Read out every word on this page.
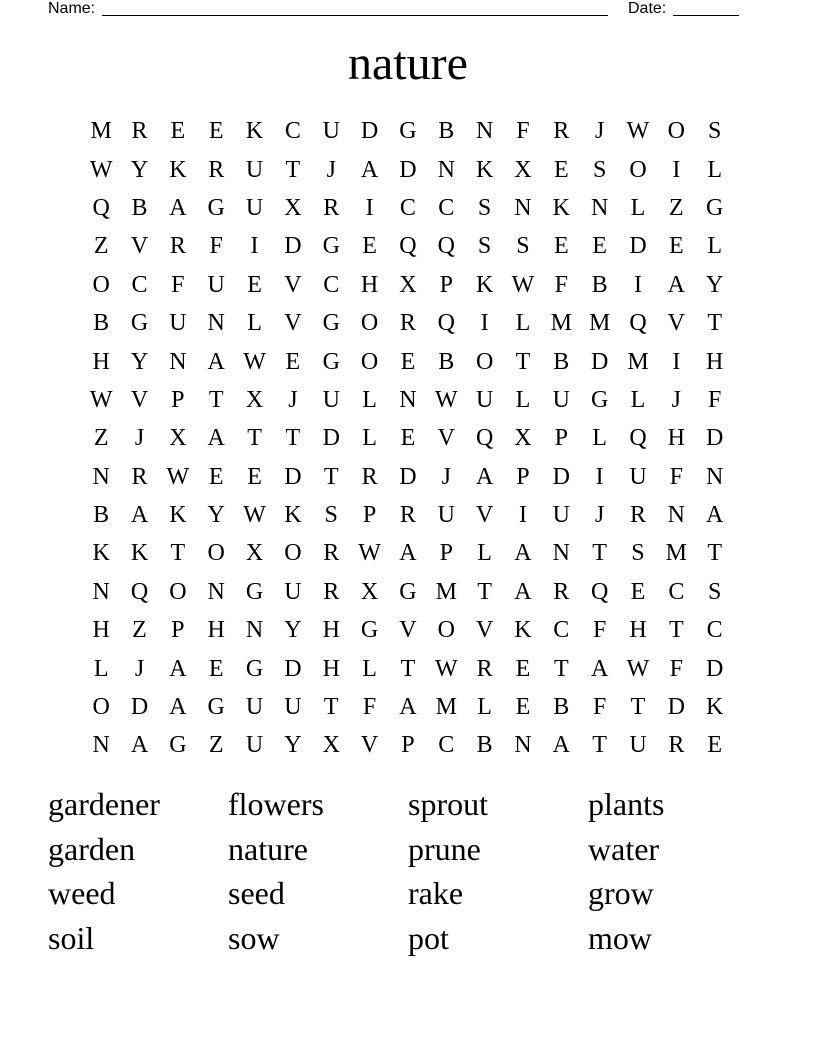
Name:	Date:
nature
M R E E K C U D G B N F R	J W O S
W Y K R U T	J	A D N K X E	S O	I	L
Q B A G U X R	I	C C S N K N L Z G
Z V R F	I	D G E Q Q S	S	E E D E L
O C F U E V C H X P K W F B	I	A Y
B G U N L V G O R Q	I	L M M Q V T
H Y N A W E G O E B O T B D M I	H
W V P	T X	J	U L N W U L U G L	J	F
Z	J	X A T T D L E V Q X P	L Q H D
N R W E E D T R D	J	A P D	I	U F N
B A K Y W K S	P R U V	I	U	J	R N A
K K T O X O R W A P	L A N T	S M T
N Q O N G U R X G M T A R Q E C S
H Z	P H N Y H G V O V K C F H T C
L	J	A E G D H L T W R E T A W F D
O D A G U U T	F A M L E B F	T D K
N A G Z U Y X V P C B N A T U R E
gardener	flowers	sprout	plants
garden	nature	prune	water
weed	seed	rake	grow
soil	sow	pot	mow
